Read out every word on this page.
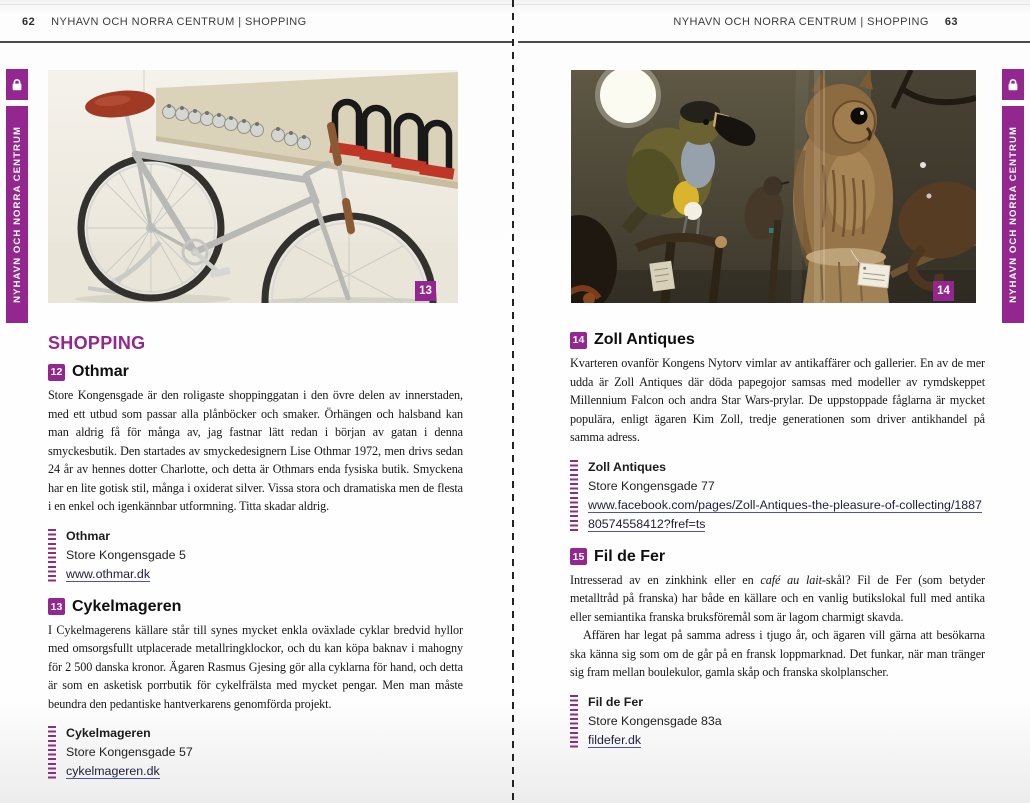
62 NYHAVN OCH NORRA CENTRUM | SHOPPING	NYHAVN OCH NORRA CENTRUM | SHOPPING 63
NYHAVN OCH NORRA CENTRUM	NYHAVN OCH NORRA CENTRUM
13	14
SHOPPING
12 Othmar

Store Kongensgade är den roligaste shoppinggatan i den övre delen av innerstaden, med ett utbud som passar alla plånböcker och smaker. Örhängen och halsband kan man aldrig få för många av, jag fastnar lätt redan i början av gatan i denna smyckesbutik. Den startades av smyckedesignern Lise Othmar 1972, men drivs sedan 24 år av hennes dotter Charlotte, och detta är Othmars enda fysiska butik. Smyckena har en lite gotisk stil, många i oxiderat silver. Vissa stora och dramatiska men de flesta i en enkel och igenkännbar utformning. Titta skadar aldrig.

Othmar
Store Kongensgade 5
www.othmar.dk
13 Cykelmageren

I Cykelmagerens källare står till synes mycket enkla oväxlade cyklar bredvid hyllor med omsorgsfullt utplacerade metallringklockor, och du kan köpa baknav i mahogny för 2 500 danska kronor. Ägaren Rasmus Gjesing gör alla cyklarna för hand, och detta är som en asketisk porrbutik för cykelfrälsta med mycket pengar. Men man måste beundra den pedantiske hantverkarens genomförda projekt.

Cykelmageren
Store Kongensgade 57
cykelmageren.dk
14 Zoll Antiques

Kvarteren ovanför Kongens Nytorv vimlar av antikaffärer och gallerier. En av de mer udda är Zoll Antiques där döda papegojor samsas med modeller av rymdskeppet Millennium Falcon och andra Star Wars-prylar. De uppstoppade fåglarna är mycket populära, enligt ägaren Kim Zoll, tredje generationen som driver antikhandel på samma adress.

Zoll Antiques
Store Kongensgade 77
www.facebook.com/pages/Zoll-Antiques-the-pleasure-of-collecting/188780574558412?fref=ts
15 Fil de Fer

Intresserad av en zinkhink eller en café au lait-skål? Fil de Fer (som betyder metalltråd på franska) har både en källare och en vanlig butikslokal full med antika eller semiantika franska bruksföremål som är lagom charmigt skavda.

Affären har legat på samma adress i tjugo år, och ägaren vill gärna att besökarna ska känna sig som om de går på en fransk loppmarknad. Det funkar, när man tränger sig fram mellan boulekulor, gamla skåp och franska skolplanscher.

Fil de Fer
Store Kongensgade 83a
fildefer.dk
